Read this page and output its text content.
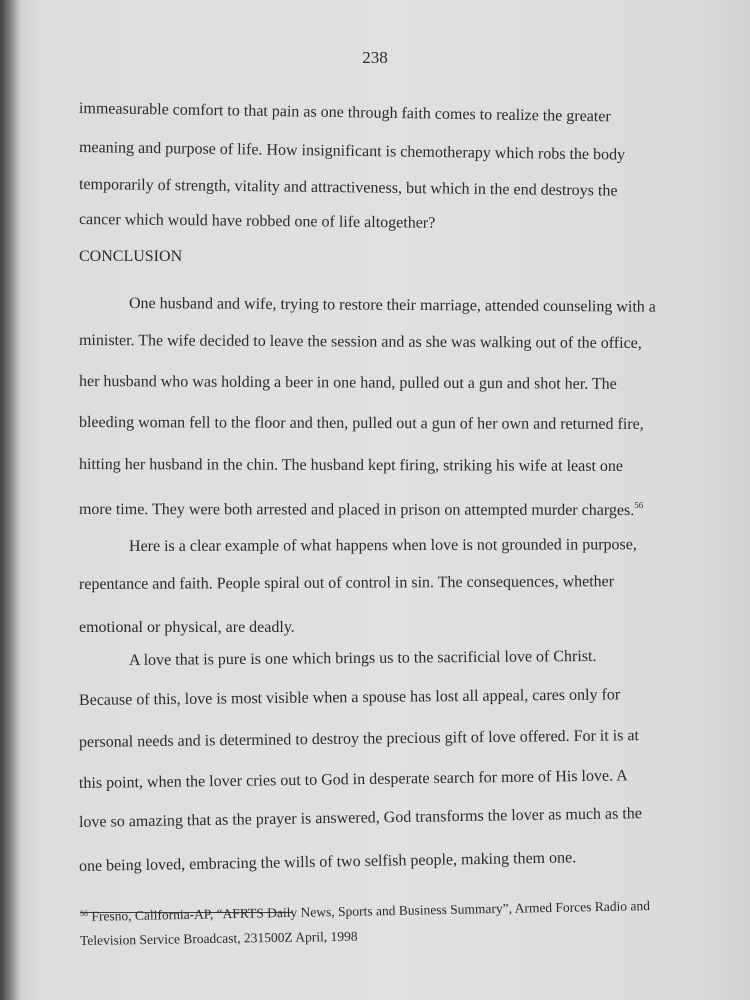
238
immeasurable comfort to that pain as one through faith comes to realize the greater
meaning and purpose of life. How insignificant is chemotherapy which robs the body
temporarily of strength, vitality and attractiveness, but which in the end destroys the
cancer which would have robbed one of life altogether?
CONCLUSION
One husband and wife, trying to restore their marriage, attended counseling with a
minister. The wife decided to leave the session and as she was walking out of the office,
her husband who was holding a beer in one hand, pulled out a gun and shot her. The
bleeding woman fell to the floor and then, pulled out a gun of her own and returned fire,
hitting her husband in the chin. The husband kept firing, striking his wife at least one
more time. They were both arrested and placed in prison on attempted murder charges.$^{56}$
Here is a clear example of what happens when love is not grounded in purpose,
repentance and faith. People spiral out of control in sin. The consequences, whether
emotional or physical, are deadly.
A love that is pure is one which brings us to the sacrificial love of Christ.
Because of this, love is most visible when a spouse has lost all appeal, cares only for
personal needs and is determined to destroy the precious gift of love offered. For it is at
this point, when the lover cries out to God in desperate search for more of His love. A
love so amazing that as the prayer is answered, God transforms the lover as much as the
one being loved, embracing the wills of two selfish people, making them one.
$^{56}$ Fresno, California-AP, “AFRTS Daily News, Sports and Business Summary”, Armed Forces Radio and
Television Service Broadcast, 231500Z April, 1998
